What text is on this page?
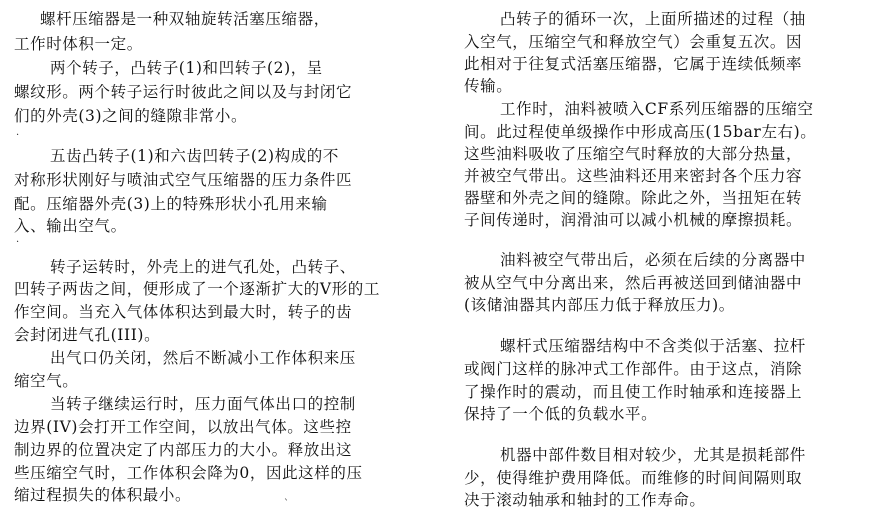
螺杆压缩器是一种双轴旋转活塞压缩器，
工作时体积一定。
两个转子，凸转子(1)和凹转子(2)，呈
螺纹形。两个转子运行时彼此之间以及与封闭它
们的外壳(3)之间的缝隙非常小。
五齿凸转子(1)和六齿凹转子(2)构成的不
对称形状刚好与喷油式空气压缩器的压力条件匹
配。压缩器外壳(3)上的特殊形状小孔用来输
入、输出空气。
转子运转时，外壳上的进气孔处，凸转子、
凹转子两齿之间，便形成了一个逐渐扩大的V形的工
作空间。当充入气体体积达到最大时，转子的齿
会封闭进气孔(III)。
出气口仍关闭，然后不断减小工作体积来压
缩空气。
当转子继续运行时，压力面气体出口的控制
边界(IV)会打开工作空间，以放出气体。这些控
制边界的位置决定了内部压力的大小。释放出这
些压缩空气时，工作体积会降为0，因此这样的压
缩过程损失的体积最小。
·
·
ˋ
凸转子的循环一次，上面所描述的过程（抽
入空气，压缩空气和释放空气）会重复五次。因
此相对于往复式活塞压缩器，它属于连续低频率
传输。
工作时，油料被喷入CF系列压缩器的压缩空
间。此过程使单级操作中形成高压(15bar左右)。
这些油料吸收了压缩空气时释放的大部分热量，
并被空气带出。这些油料还用来密封各个压力容
器壁和外壳之间的缝隙。除此之外，当扭矩在转
子间传递时，润滑油可以减小机械的摩擦损耗。
油料被空气带出后，必须在后续的分离器中
被从空气中分离出来，然后再被送回到储油器中
(该储油器其内部压力低于释放压力)。
螺杆式压缩器结构中不含类似于活塞、拉杆
或阀门这样的脉冲式工作部件。由于这点，消除
了操作时的震动，而且使工作时轴承和连接器上
保持了一个低的负载水平。
机器中部件数目相对较少，尤其是损耗部件
少，使得维护费用降低。而维修的时间间隔则取
决于滚动轴承和轴封的工作寿命。
